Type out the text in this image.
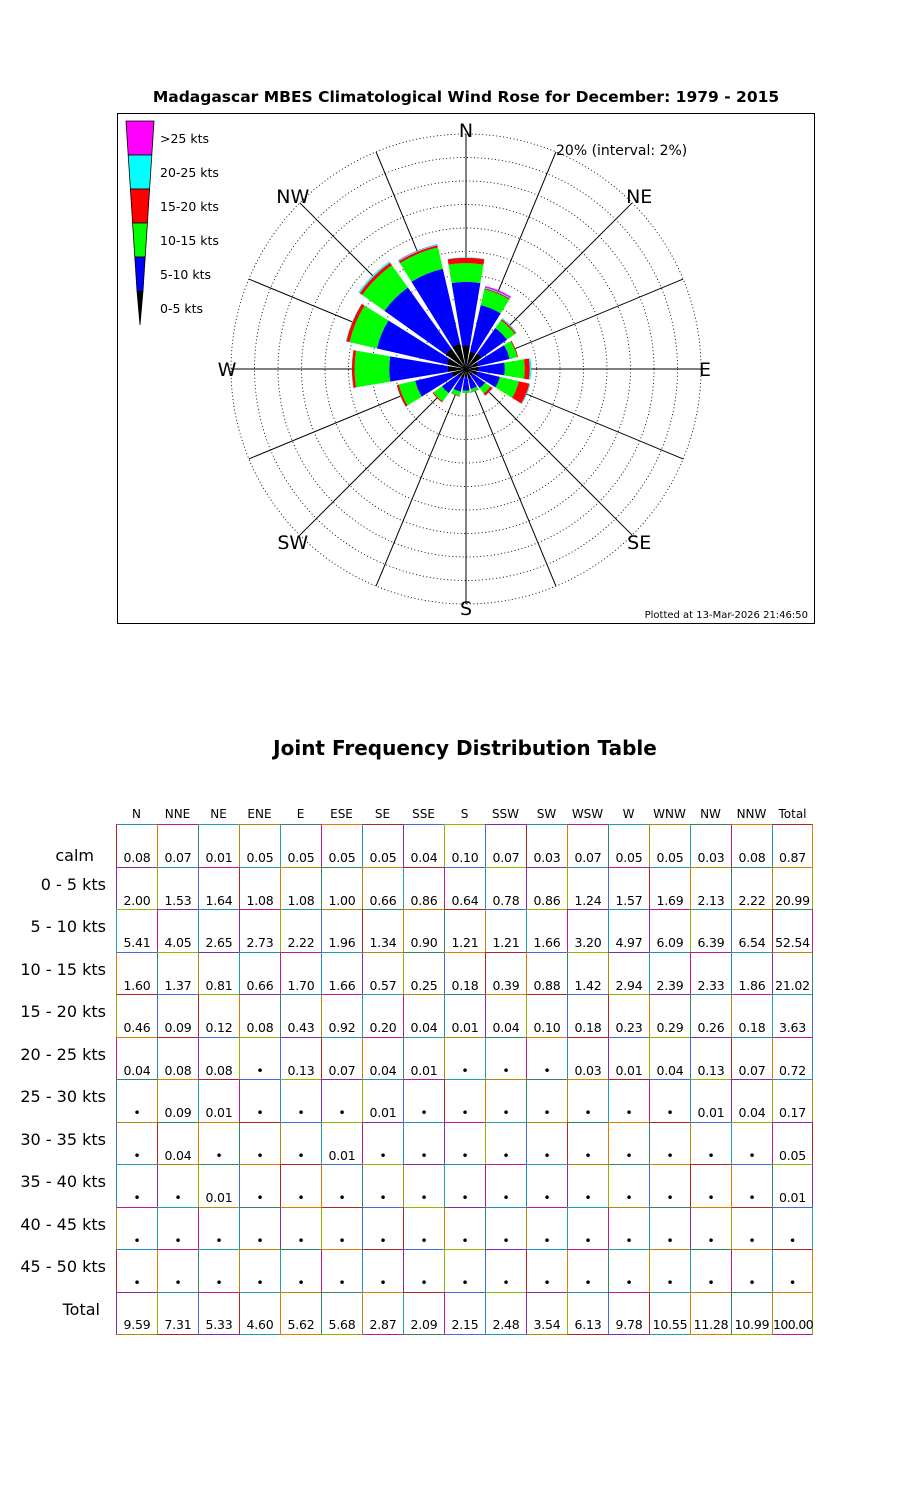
Madagascar MBES Climatological Wind Rose for December: 1979 - 2015
N
NE
E
SE
S
SW
W
NW
20% (interval: 2%)
>25 kts
20-25 kts
15-20 kts
10-15 kts
5-10 kts
0-5 kts
Plotted at 13-Mar-2026 21:46:50
Joint Frequency Distribution Table
N	NNE	NE	ENE	E	ESE	SE	SSE	S	SSW	SW	WSW	W	WNW	NW	NNW	Total
calm	0.08	0.07	0.01	0.05	0.05	0.05	0.05	0.04	0.10	0.07	0.03	0.07	0.05	0.05	0.03	0.08	0.87
0 - 5 kts
2.00	1.53	1.64	1.08	1.08	1.00	0.66	0.86	0.64	0.78	0.86	1.24	1.57	1.69	2.13	2.22 20.99
5 - 10 kts
5.41	4.05	2.65	2.73	2.22	1.96	1.34	0.90	1.21	1.21	1.66	3.20	4.97	6.09	6.39	6.54 52.54
10 - 15 kts
1.60	1.37	0.81	0.66	1.70	1.66	0.57	0.25	0.18	0.39	0.88	1.42	2.94	2.39	2.33	1.86 21.02
15 - 20 kts
0.46	0.09	0.12	0.08	0.43	0.92	0.20	0.04	0.01	0.04	0.10	0.18	0.23	0.29	0.26	0.18	3.63
20 - 25 kts
0.04	0.08	0.08	•	0.13	0.07	0.04	0.01	•	•	•	0.03	0.01	0.04	0.13	0.07	0.72
25 - 30 kts
•	0.09	0.01	•	•	•	0.01	•	•	•	•	•	•	•	0.01	0.04	0.17
30 - 35 kts
•	0.04	•	•	•	0.01	•	•	•	•	•	•	•	•	•	•	0.05
35 - 40 kts
•	•	0.01	•	•	•	•	•	•	•	•	•	•	•	•	•	0.01
40 - 45 kts
•	•	•	•	•	•	•	•	•	•	•	•	•	•	•	•	•
45 - 50 kts
•	•	•	•	•	•	•	•	•	•	•	•	•	•	•	•	•
Total
9.59	7.31	5.33	4.60	5.62	5.68	2.87	2.09	2.15	2.48	3.54	6.13	9.78 10.55 11.28 10.99 100.00
